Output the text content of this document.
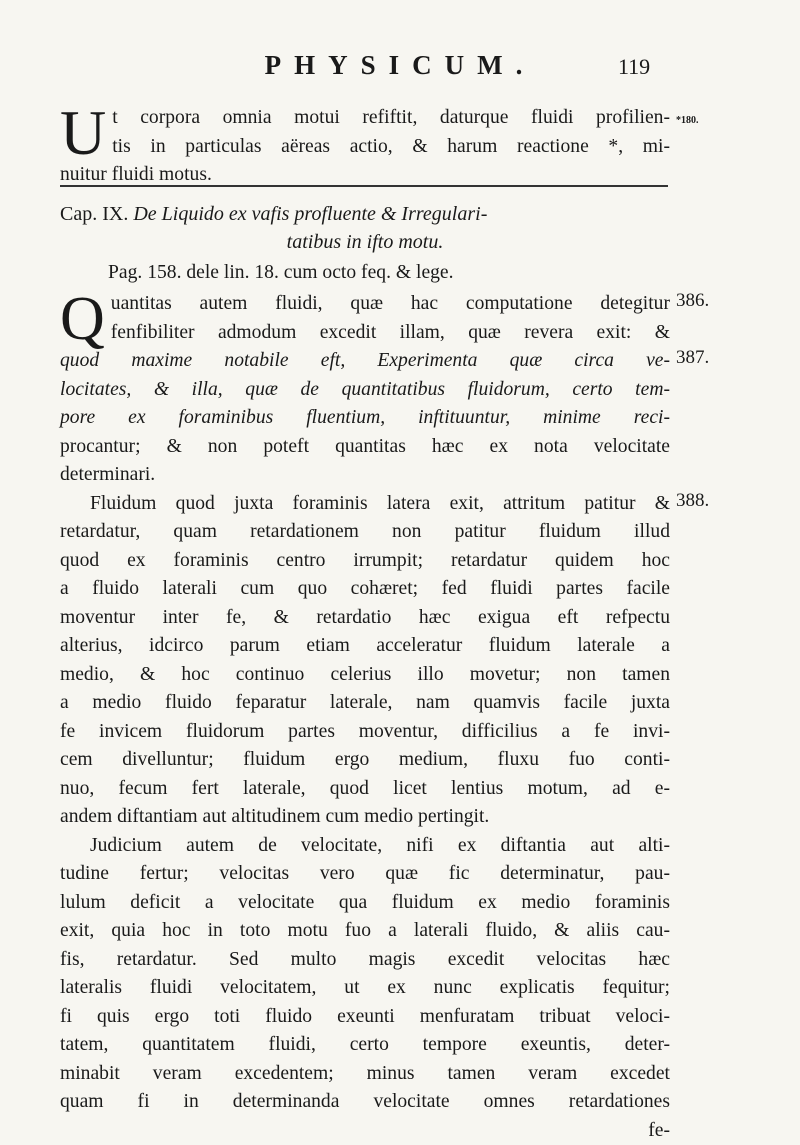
PHYSICUM.	119
U t corpora omnia motui refiftit, daturque fluidi profilien-
tis in particulas aëreas actio, & harum reactione *, mi-
nuitur fluidi motus.
*180.
Cap. IX. De Liquido ex vafis profluente & Irregulari-
tatibus in ifto motu.
Pag. 158. dele lin. 18. cum octo feq. & lege.
Q uantitas autem fluidi, quæ hac computatione detegitur
fenfibiliter admodum excedit illam, quæ revera exit: &
quod maxime notabile eft, Experimenta quæ circa ve-
locitates, & illa, quæ de quantitatibus fluidorum, certo tem-
pore ex foraminibus fluentium, inftituuntur, minime reci-
procantur; & non poteft quantitas hæc ex nota velocitate
determinari.
Fluidum quod juxta foraminis latera exit, attritum patitur &
retardatur, quam retardationem non patitur fluidum illud
quod ex foraminis centro irrumpit; retardatur quidem hoc
a fluido laterali cum quo cohæret; fed fluidi partes facile
moventur inter fe, & retardatio hæc exigua eft refpectu
alterius, idcirco parum etiam acceleratur fluidum laterale a
medio, & hoc continuo celerius illo movetur; non tamen
a medio fluido feparatur laterale, nam quamvis facile juxta
fe invicem fluidorum partes moventur, difficilius a fe invi-
cem divelluntur; fluidum ergo medium, fluxu fuo conti-
nuo, fecum fert laterale, quod licet lentius motum, ad e-
andem diftantiam aut altitudinem cum medio pertingit.
Judicium autem de velocitate, nifi ex diftantia aut alti-
tudine fertur; velocitas vero quæ fic determinatur, pau-
lulum deficit a velocitate qua fluidum ex medio foraminis
exit, quia hoc in toto motu fuo a laterali fluido, & aliis cau-
fis, retardatur. Sed multo magis excedit velocitas hæc
lateralis fluidi velocitatem, ut ex nunc explicatis fequitur;
fi quis ergo toti fluido exeunti menfuratam tribuat veloci-
tatem, quantitatem fluidi, certo tempore exeuntis, deter-
minabit veram excedentem; minus tamen veram excedet
quam fi in determinanda velocitate omnes retardationes
fe-
386.
387.
388.
